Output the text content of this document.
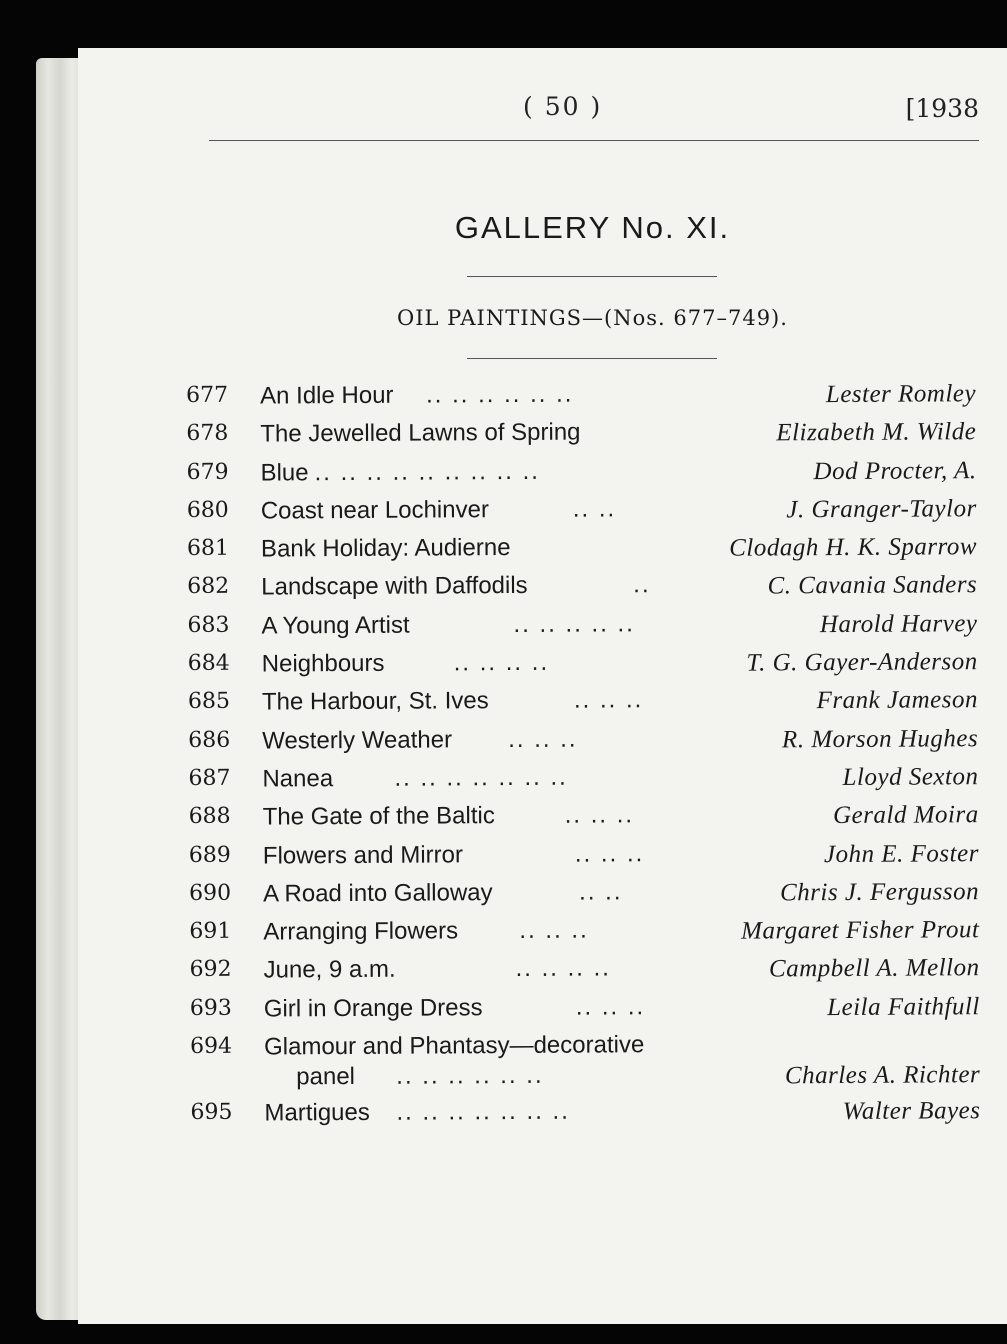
( 50 )	[1938
GALLERY No. XI.
OIL PAINTINGS—(Nos. 677–749).
677	An Idle Hour .. .. .. .. .. ..	Lester Romley
678	The Jewelled Lawns of Spring	Elizabeth M. Wilde
679	Blue .. .. .. .. .. .. .. .. ..	Dod Procter, A.
680	Coast near Lochinver	.. ..	J. Granger-Taylor
681	Bank Holiday: Audierne	Clodagh H. K. Sparrow
682	Landscape with Daffodils	..	C. Cavania Sanders
683	A Young Artist	.. .. .. .. ..	Harold Harvey
684	Neighbours	.. .. .. ..	T. G. Gayer-Anderson
685	The Harbour, St. Ives	.. .. ..	Frank Jameson
686	Westerly Weather .. .. ..	R. Morson Hughes
687	Nanea	.. .. .. .. .. .. ..	Lloyd Sexton
688	The Gate of the Baltic	.. .. ..	Gerald Moira
689	Flowers and Mirror	.. .. ..	John E. Foster
690	A Road into Galloway	.. ..	Chris J. Fergusson
691	Arranging Flowers	.. .. ..	Margaret Fisher Prout
692	June, 9 a.m.	.. .. .. ..	Campbell A. Mellon
693	Girl in Orange Dress	.. .. ..	Leila Faithfull
694	Glamour and Phantasy—decorative
panel .. .. .. .. .. ..	Charles A. Richter
695	Martigues .. .. .. .. .. .. ..	Walter Bayes
